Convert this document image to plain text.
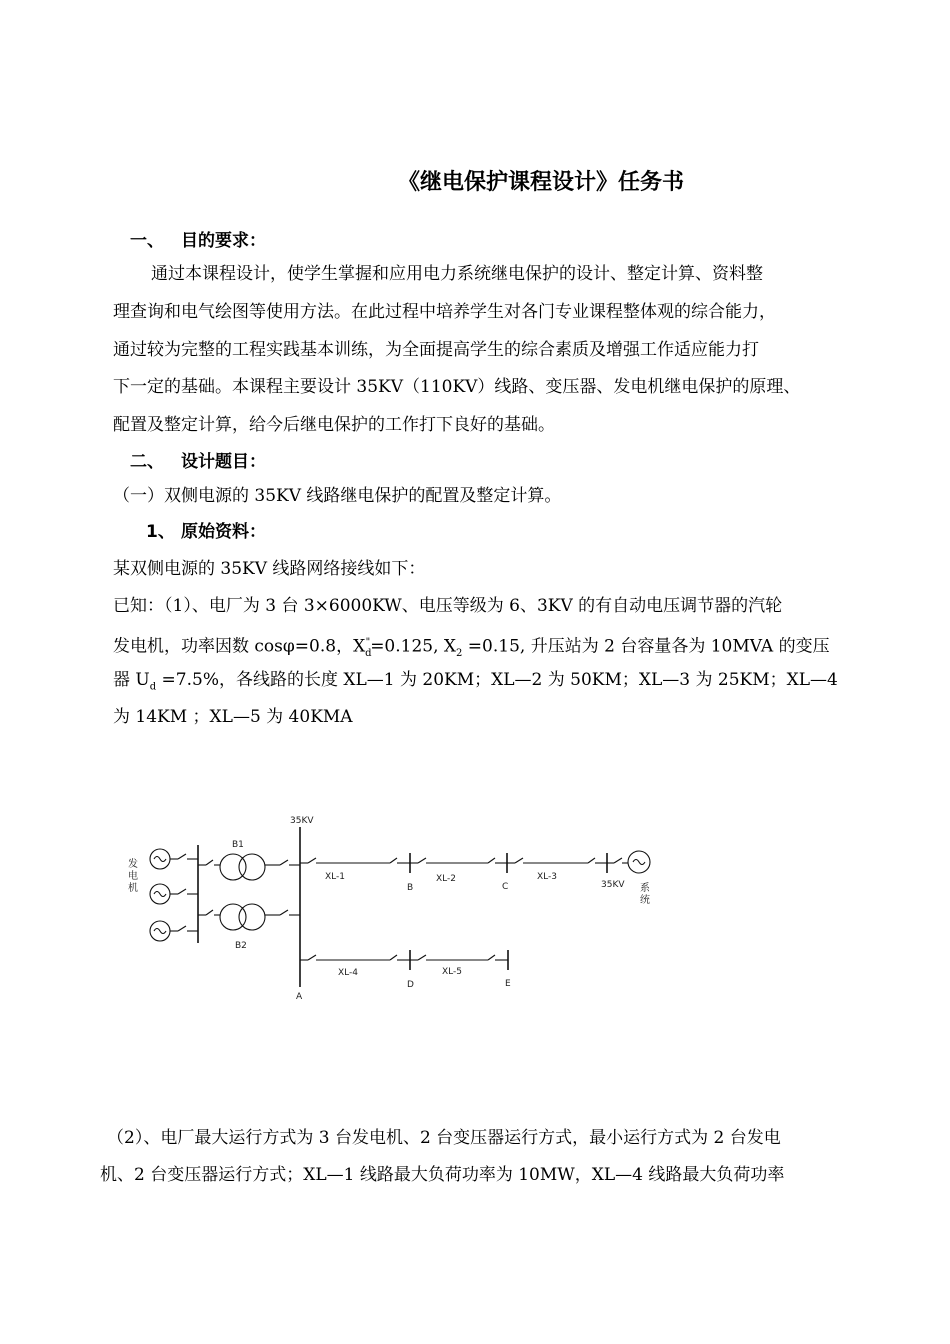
《继电保护课程设计》任务书
一、 目的要求：
通过本课程设计，使学生掌握和应用电力系统继电保护的设计、整定计算、资料整
理查询和电气绘图等使用方法。在此过程中培养学生对各门专业课程整体观的综合能力，
通过较为完整的工程实践基本训练，为全面提高学生的综合素质及增强工作适应能力打
下一定的基础。本课程主要设计 35KV（110KV）线路、变压器、发电机继电保护的原理、
配置及整定计算，给今后继电保护的工作打下良好的基础。
二、 设计题目：
（一）双侧电源的 35KV 线路继电保护的配置及整定计算。
1、 原始资料：
某双侧电源的 35KV 线路网络接线如下：
已知：（1）、电厂为 3 台 3×6000KW、电压等级为 6、3KV 的有自动电压调节器的汽轮
发电机，功率因数 cosφ=0.8，$X_d^"=0.125$, $X_2 =0.15$, 升压站为 2 台容量各为 10MVA 的变压
器 $U_d =7.5\%$，各线路的长度 XL—1 为 20KM；XL—2 为 50KM；XL—3 为 25KM；XL—4
为 14KM ；XL—5 为 40KMA
发
电
机
B1
B2
35KV
A
XL-1
B
XL-2
C
XL-3
35KV 系
统
XL-4
D
XL-5
E
（2）、电厂最大运行方式为 3 台发电机、2 台变压器运行方式，最小运行方式为 2 台发电
机、2 台变压器运行方式；XL—1 线路最大负荷功率为 10MW，XL—4 线路最大负荷功率
